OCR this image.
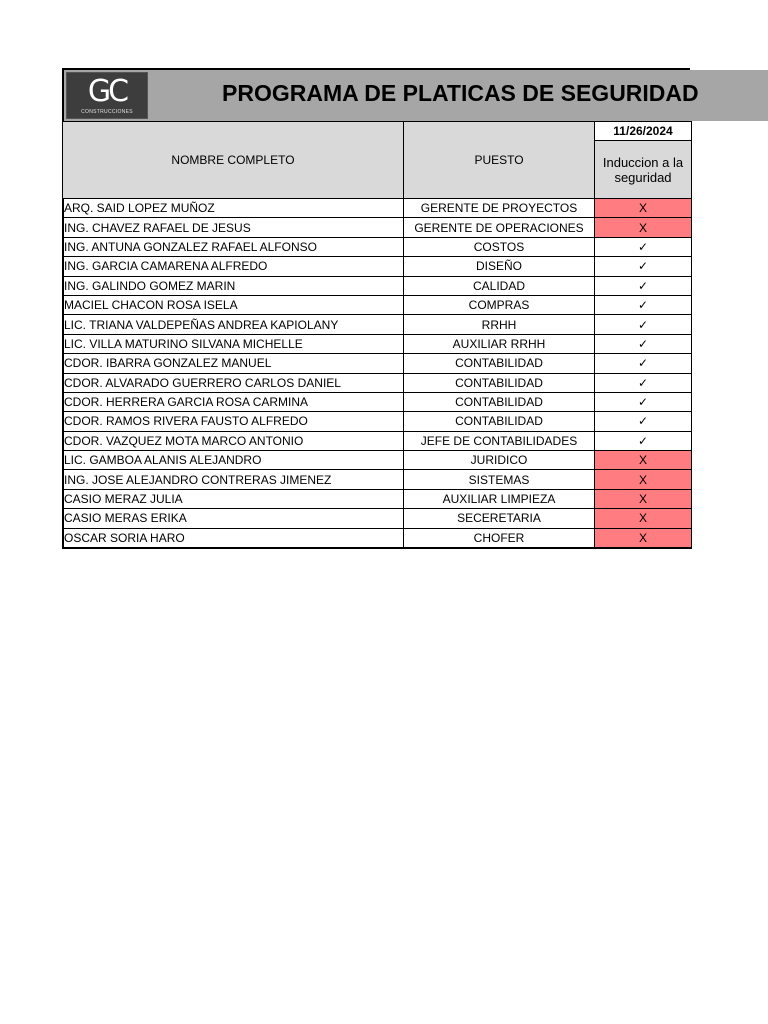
GC
CONSTRUCCIONES
PROGRAMA DE PLATICAS DE SEGURIDAD
NOMBRE COMPLETO	PUESTO	11/26/2024
		Induccion a la seguridad
ARQ. SAID LOPEZ MUÑOZ	GERENTE DE PROYECTOS	X
ING. CHAVEZ RAFAEL DE JESUS	GERENTE DE OPERACIONES	X
ING. ANTUNA GONZALEZ RAFAEL ALFONSO	COSTOS	✓
ING. GARCIA CAMARENA ALFREDO	DISEÑO	✓
ING. GALINDO GOMEZ MARIN	CALIDAD	✓
MACIEL CHACON ROSA ISELA	COMPRAS	✓
LIC. TRIANA VALDEPEÑAS ANDREA KAPIOLANY	RRHH	✓
LIC. VILLA MATURINO SILVANA MICHELLE	AUXILIAR RRHH	✓
CDOR. IBARRA GONZALEZ MANUEL	CONTABILIDAD	✓
CDOR. ALVARADO GUERRERO CARLOS DANIEL	CONTABILIDAD	✓
CDOR. HERRERA GARCIA ROSA CARMINA	CONTABILIDAD	✓
CDOR. RAMOS RIVERA FAUSTO ALFREDO	CONTABILIDAD	✓
CDOR. VAZQUEZ MOTA MARCO ANTONIO	JEFE DE CONTABILIDADES	✓
LIC. GAMBOA ALANIS ALEJANDRO	JURIDICO	X
ING. JOSE ALEJANDRO CONTRERAS JIMENEZ	SISTEMAS	X
CASIO MERAZ JULIA	AUXILIAR LIMPIEZA	X
CASIO MERAS ERIKA	SECERETARIA	X
OSCAR SORIA HARO	CHOFER	X
